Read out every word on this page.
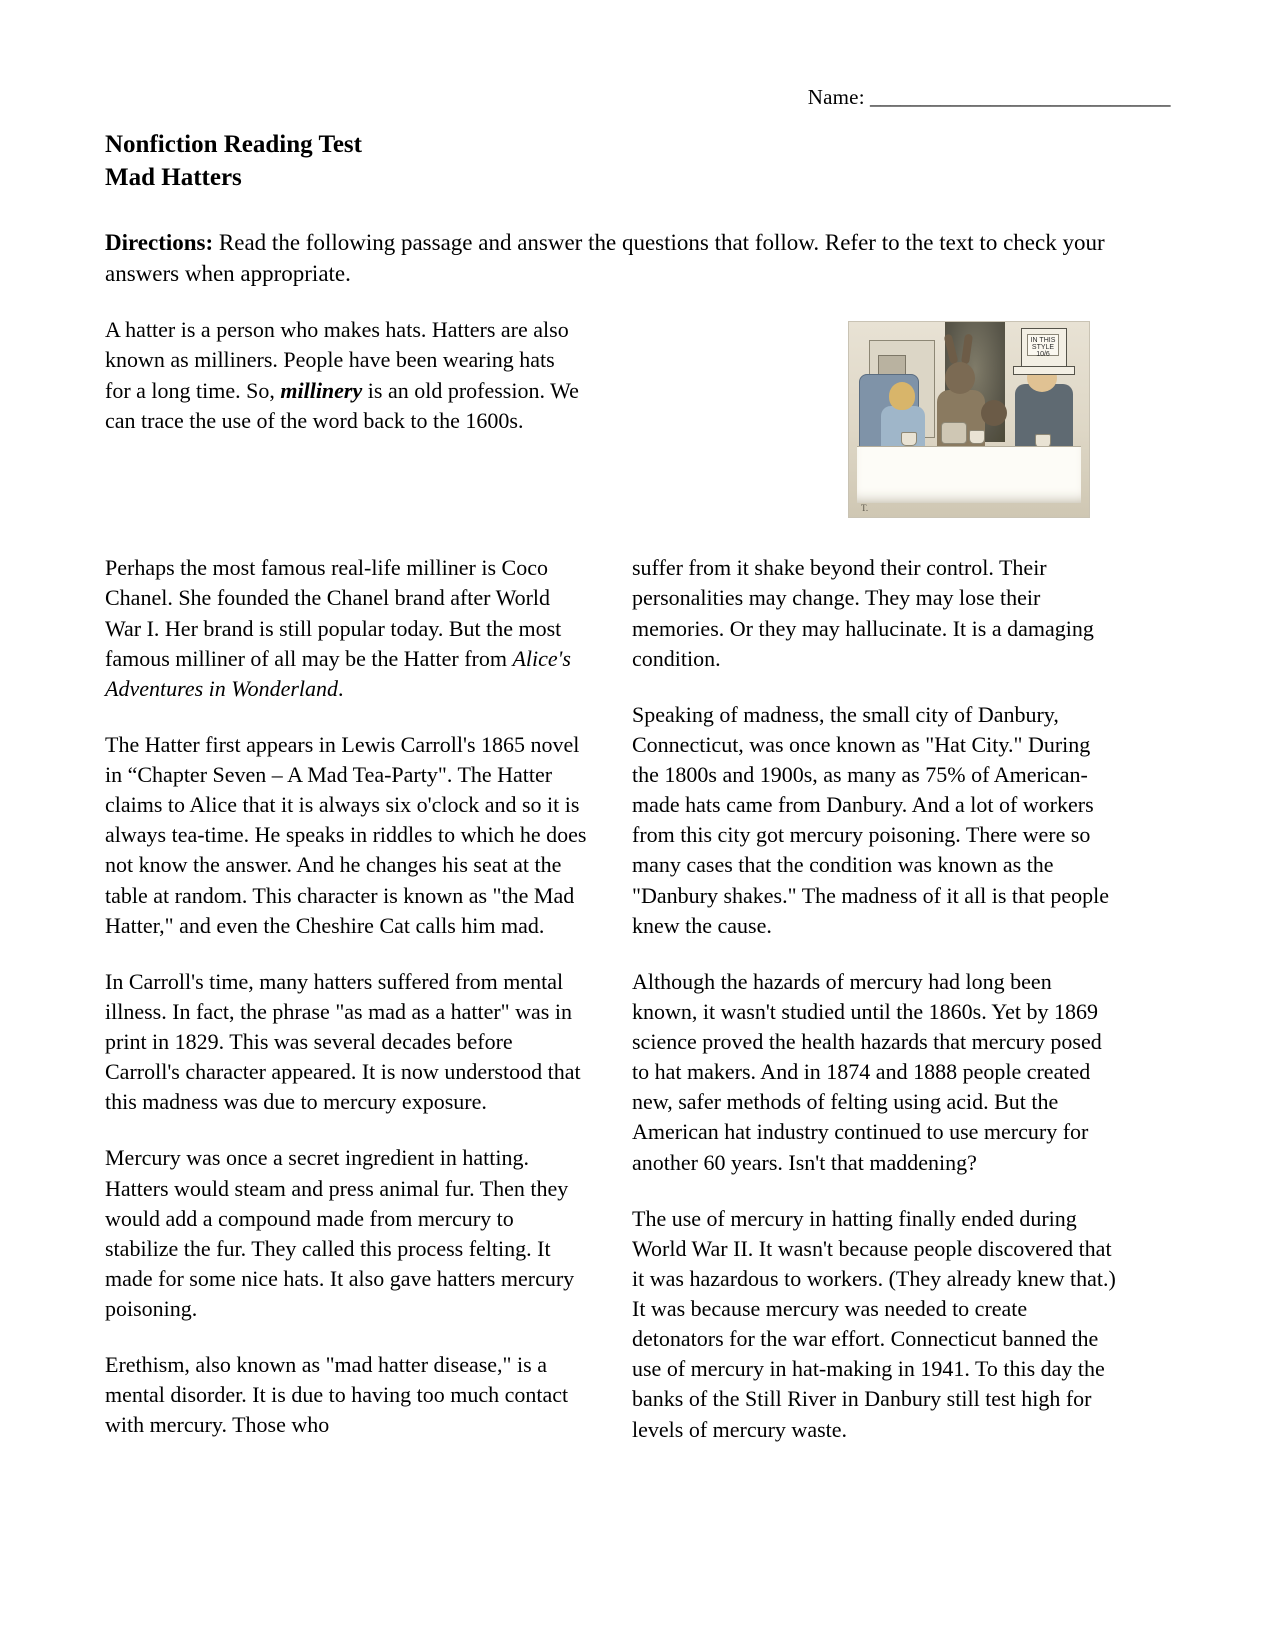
Name: ______________________________
Nonfiction Reading Test
Mad Hatters

Directions: Read the following passage and answer the questions that follow. Refer to the text to check your answers when appropriate.

IN THIS STYLE 10/6
T.

A hatter is a person who makes hats. Hatters are also known as milliners. People have been wearing hats for a long time. So, millinery is an old profession. We can trace the use of the word back to the 1600s.

Perhaps the most famous real-life milliner is Coco Chanel. She founded the Chanel brand after World War I. Her brand is still popular today. But the most famous milliner of all may be the Hatter from Alice's Adventures in Wonderland.

The Hatter first appears in Lewis Carroll's 1865 novel in “Chapter Seven – A Mad Tea-Party". The Hatter claims to Alice that it is always six o'clock and so it is always tea-time. He speaks in riddles to which he does not know the answer. And he changes his seat at the table at random. This character is known as "the Mad Hatter," and even the Cheshire Cat calls him mad.

In Carroll's time, many hatters suffered from mental illness. In fact, the phrase "as mad as a hatter" was in print in 1829. This was several decades before Carroll's character appeared. It is now understood that this madness was due to mercury exposure.

Mercury was once a secret ingredient in hatting. Hatters would steam and press animal fur. Then they would add a compound made from mercury to stabilize the fur. They called this process felting. It made for some nice hats. It also gave hatters mercury poisoning.

Erethism, also known as "mad hatter disease," is a mental disorder. It is due to having too much contact with mercury. Those who

suffer from it shake beyond their control. Their personalities may change. They may lose their memories. Or they may hallucinate. It is a damaging condition.

Speaking of madness, the small city of Danbury, Connecticut, was once known as "Hat City." During the 1800s and 1900s, as many as 75% of American-made hats came from Danbury. And a lot of workers from this city got mercury poisoning. There were so many cases that the condition was known as the "Danbury shakes." The madness of it all is that people knew the cause.

Although the hazards of mercury had long been known, it wasn't studied until the 1860s. Yet by 1869 science proved the health hazards that mercury posed to hat makers. And in 1874 and 1888 people created new, safer methods of felting using acid. But the American hat industry continued to use mercury for another 60 years. Isn't that maddening?

The use of mercury in hatting finally ended during World War II. It wasn't because people discovered that it was hazardous to workers. (They already knew that.) It was because mercury was needed to create detonators for the war effort. Connecticut banned the use of mercury in hat-making in 1941. To this day the banks of the Still River in Danbury still test high for levels of mercury waste.
